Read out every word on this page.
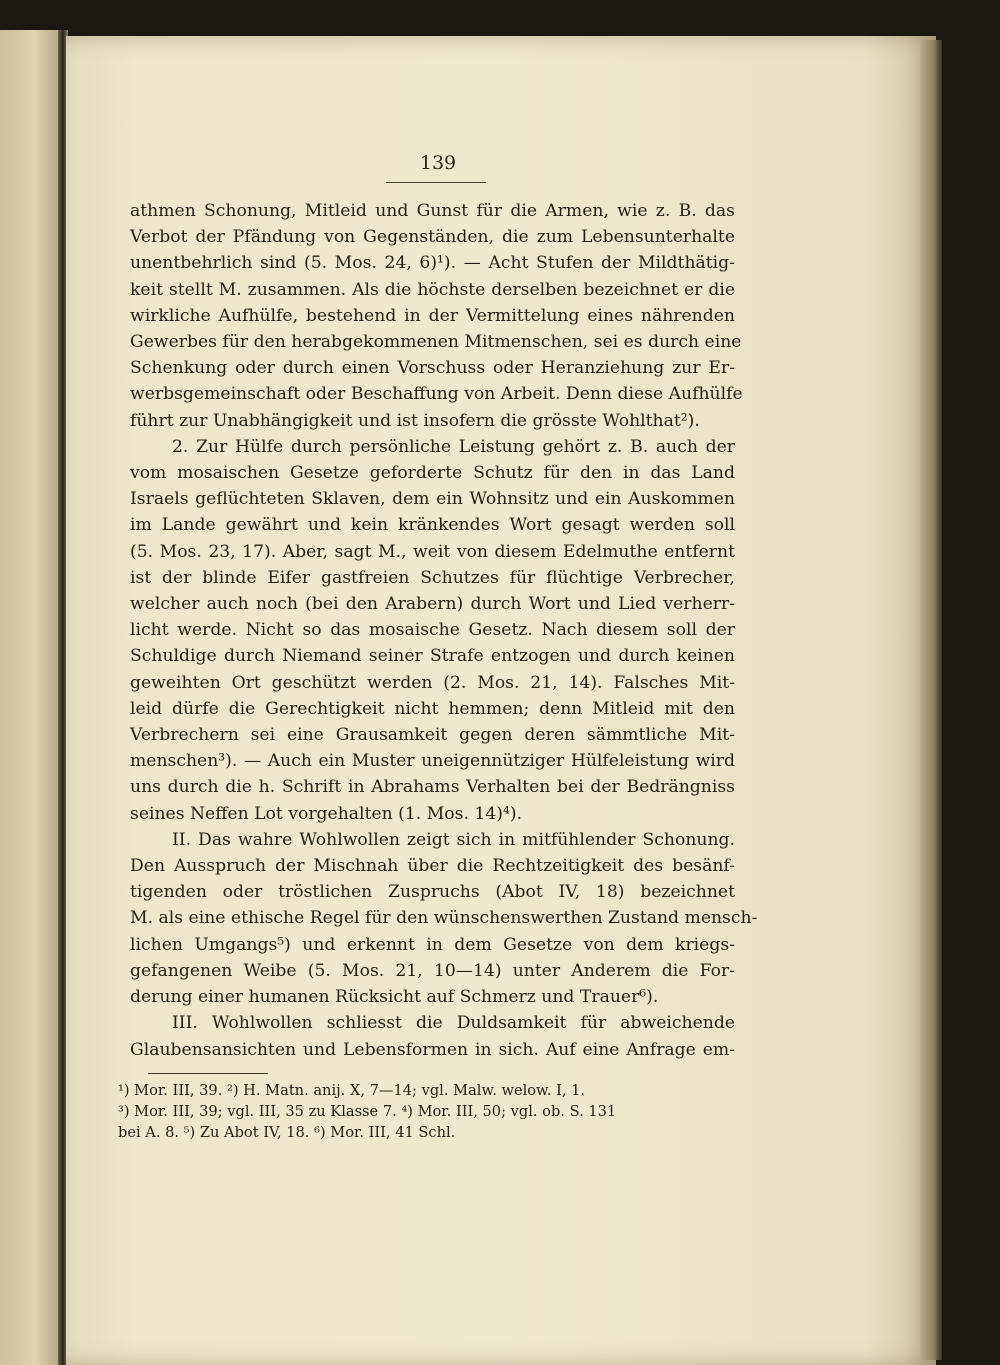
139
athmen Schonung, Mitleid und Gunst für die Armen, wie z. B. das
Verbot der Pfändung von Gegenständen, die zum Lebensunterhalte
unentbehrlich sind (5. Mos. 24, 6)¹). — Acht Stufen der Mildthätig-
keit stellt M. zusammen. Als die höchste derselben bezeichnet er die
wirkliche Aufhülfe, bestehend in der Vermittelung eines nährenden
Gewerbes für den herabgekommenen Mitmenschen, sei es durch eine
Schenkung oder durch einen Vorschuss oder Heranziehung zur Er-
werbsgemeinschaft oder Beschaffung von Arbeit. Denn diese Aufhülfe
führt zur Unabhängigkeit und ist insofern die grösste Wohlthat²).
2. Zur Hülfe durch persönliche Leistung gehört z. B. auch der
vom mosaischen Gesetze geforderte Schutz für den in das Land
Israels geflüchteten Sklaven, dem ein Wohnsitz und ein Auskommen
im Lande gewährt und kein kränkendes Wort gesagt werden soll
(5. Mos. 23, 17). Aber, sagt M., weit von diesem Edelmuthe entfernt
ist der blinde Eifer gastfreien Schutzes für flüchtige Verbrecher,
welcher auch noch (bei den Arabern) durch Wort und Lied verherr-
licht werde. Nicht so das mosaische Gesetz. Nach diesem soll der
Schuldige durch Niemand seiner Strafe entzogen und durch keinen
geweihten Ort geschützt werden (2. Mos. 21, 14). Falsches Mit-
leid dürfe die Gerechtigkeit nicht hemmen; denn Mitleid mit den
Verbrechern sei eine Grausamkeit gegen deren sämmtliche Mit-
menschen³). — Auch ein Muster uneigennütziger Hülfeleistung wird
uns durch die h. Schrift in Abrahams Verhalten bei der Bedrängniss
seines Neffen Lot vorgehalten (1. Mos. 14)⁴).
II. Das wahre Wohlwollen zeigt sich in mitfühlender Schonung.
Den Ausspruch der Mischnah über die Rechtzeitigkeit des besänf-
tigenden oder tröstlichen Zuspruchs (Abot IV, 18) bezeichnet
M. als eine ethische Regel für den wünschenswerthen Zustand mensch-
lichen Umgangs⁵) und erkennt in dem Gesetze von dem kriegs-
gefangenen Weibe (5. Mos. 21, 10—14) unter Anderem die For-
derung einer humanen Rücksicht auf Schmerz und Trauer⁶).
III. Wohlwollen schliesst die Duldsamkeit für abweichende
Glaubensansichten und Lebensformen in sich. Auf eine Anfrage em-
¹) Mor. III, 39. ²) H. Matn. anij. X, 7—14; vgl. Malw. welow. I, 1.
³) Mor. III, 39; vgl. III, 35 zu Klasse 7. ⁴) Mor. III, 50; vgl. ob. S. 131
bei A. 8. ⁵) Zu Abot IV, 18. ⁶) Mor. III, 41 Schl.
